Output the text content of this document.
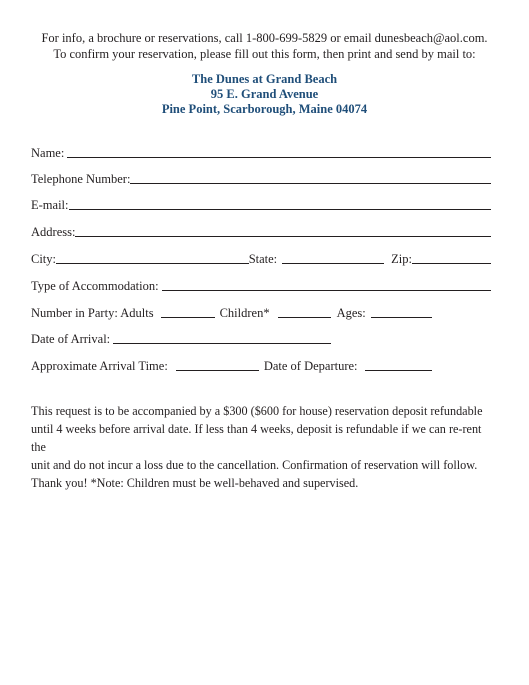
For info, a brochure or reservations, call 1-800-699-5829 or email dunesbeach@aol.com.
To confirm your reservation, please fill out this form, then print and send by mail to:
The Dunes at Grand Beach
95 E. Grand Avenue
Pine Point, Scarborough, Maine 04074
Name:
Telephone Number:
E-mail:
Address:
City:	State:	Zip:
Type of Accommodation:
Number in Party: Adults	Children*	Ages:
Date of Arrival:
Approximate Arrival Time:	Date of Departure:
This request is to be accompanied by a $300 ($600 for house) reservation deposit refundable
until 4 weeks before arrival date. If less than 4 weeks, deposit is refundable if we can re-rent the
unit and do not incur a loss due to the cancellation. Confirmation of reservation will follow.
Thank you! *Note: Children must be well-behaved and supervised.
